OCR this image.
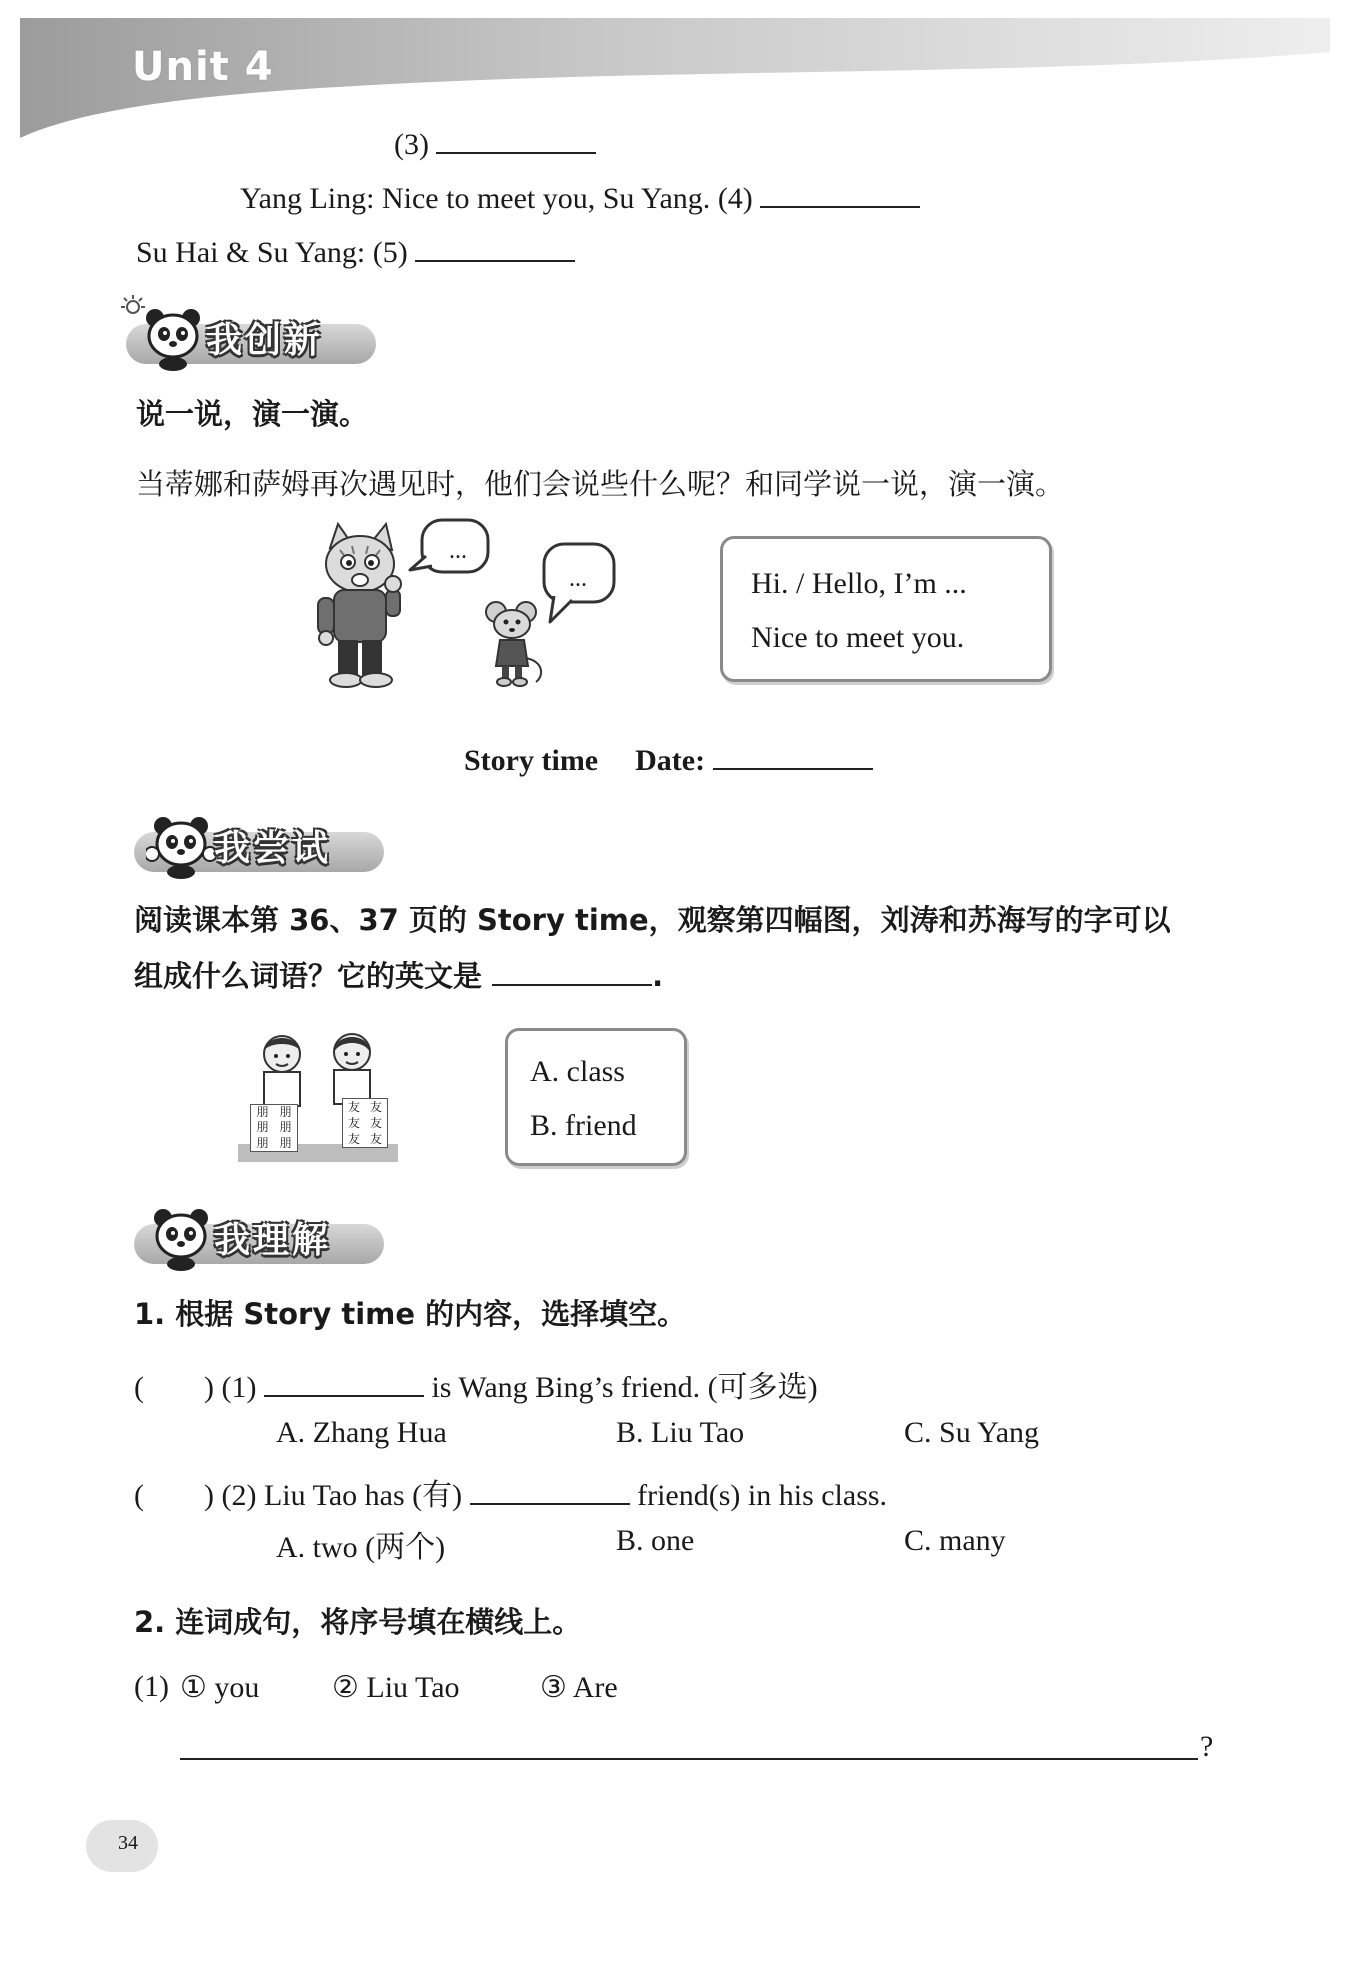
Unit 4
(3)
Yang Ling: Nice to meet you, Su Yang. (4)
Su Hai & Su Yang: (5)
我创新
说一说，演一演。
当蒂娜和萨姆再次遇见时，他们会说些什么呢？和同学说一说，演一演。
...
...	Hi. / Hello, I’m ...
Nice to meet you.
Story time Date:
我尝试
阅读课本第 36、37 页的 Story time，观察第四幅图，刘涛和苏海写的字可以
组成什么词语？它的英文是	.
朋 朋
朋 朋
朋 朋
友 友
友 友
友 友
A. class
B. friend
我理解
1. 根据 Story time 的内容，选择填空。
(　　) (1)	is Wang Bing’s friend. (可多选)
A. Zhang Hua	B. Liu Tao	C. Su Yang
(　　) (2) Liu Tao has (有)	friend(s) in his class.
A. two (两个)	B. one	C. many
2. 连词成句，将序号填在横线上。
(1) ① you ② Liu Tao	③ Are
?
34
